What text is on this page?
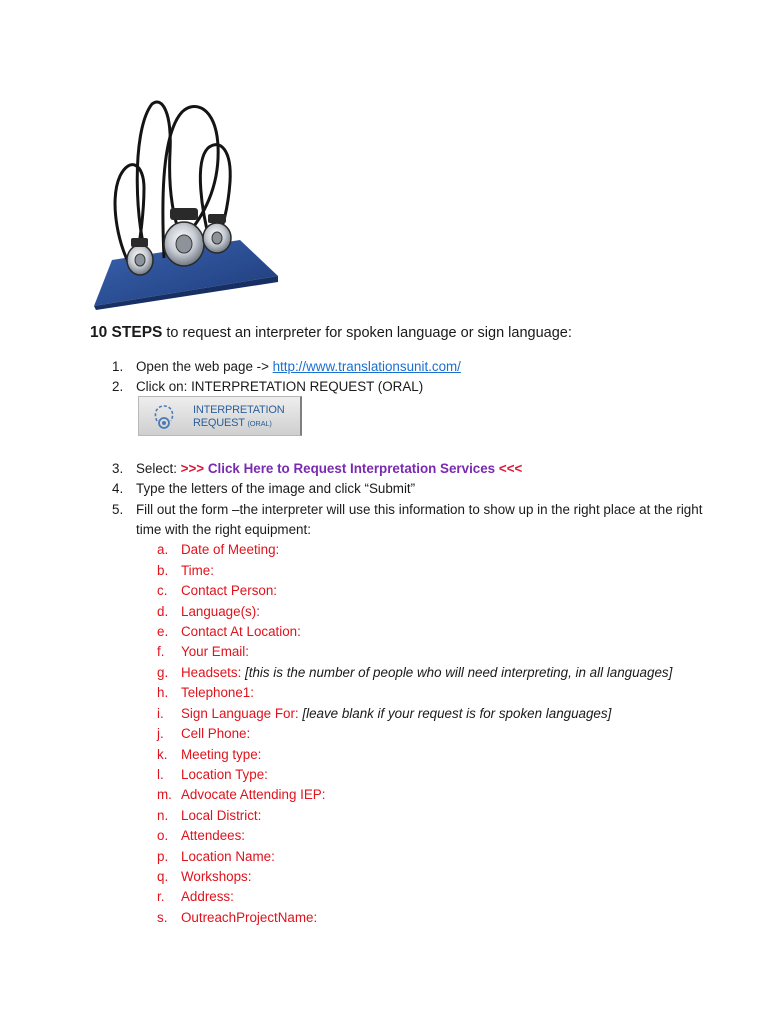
10 STEPS to request an interpreter for spoken language or sign language:
1. Open the web page -> http://www.translationsunit.com/
2. Click on: INTERPRETATION REQUEST (ORAL)
3. Select: >>> Click Here to Request Interpretation Services <<<
4. Type the letters of the image and click “Submit”
5. Fill out the form –the interpreter will use this information to show up in the right place at the right time with the right equipment:
a. Date of Meeting:
b. Time:
c. Contact Person:
d. Language(s):
e. Contact At Location:
f. Your Email:
g. Headsets: [this is the number of people who will need interpreting, in all languages]
h. Telephone1:
i. Sign Language For: [leave blank if your request is for spoken languages]
j. Cell Phone:
k. Meeting type:
l. Location Type:
m. Advocate Attending IEP:
n. Local District:
o. Attendees:
p. Location Name:
q. Workshops:
r. Address:
s. OutreachProjectName:
INTERPRETATION
REQUEST (ORAL)
